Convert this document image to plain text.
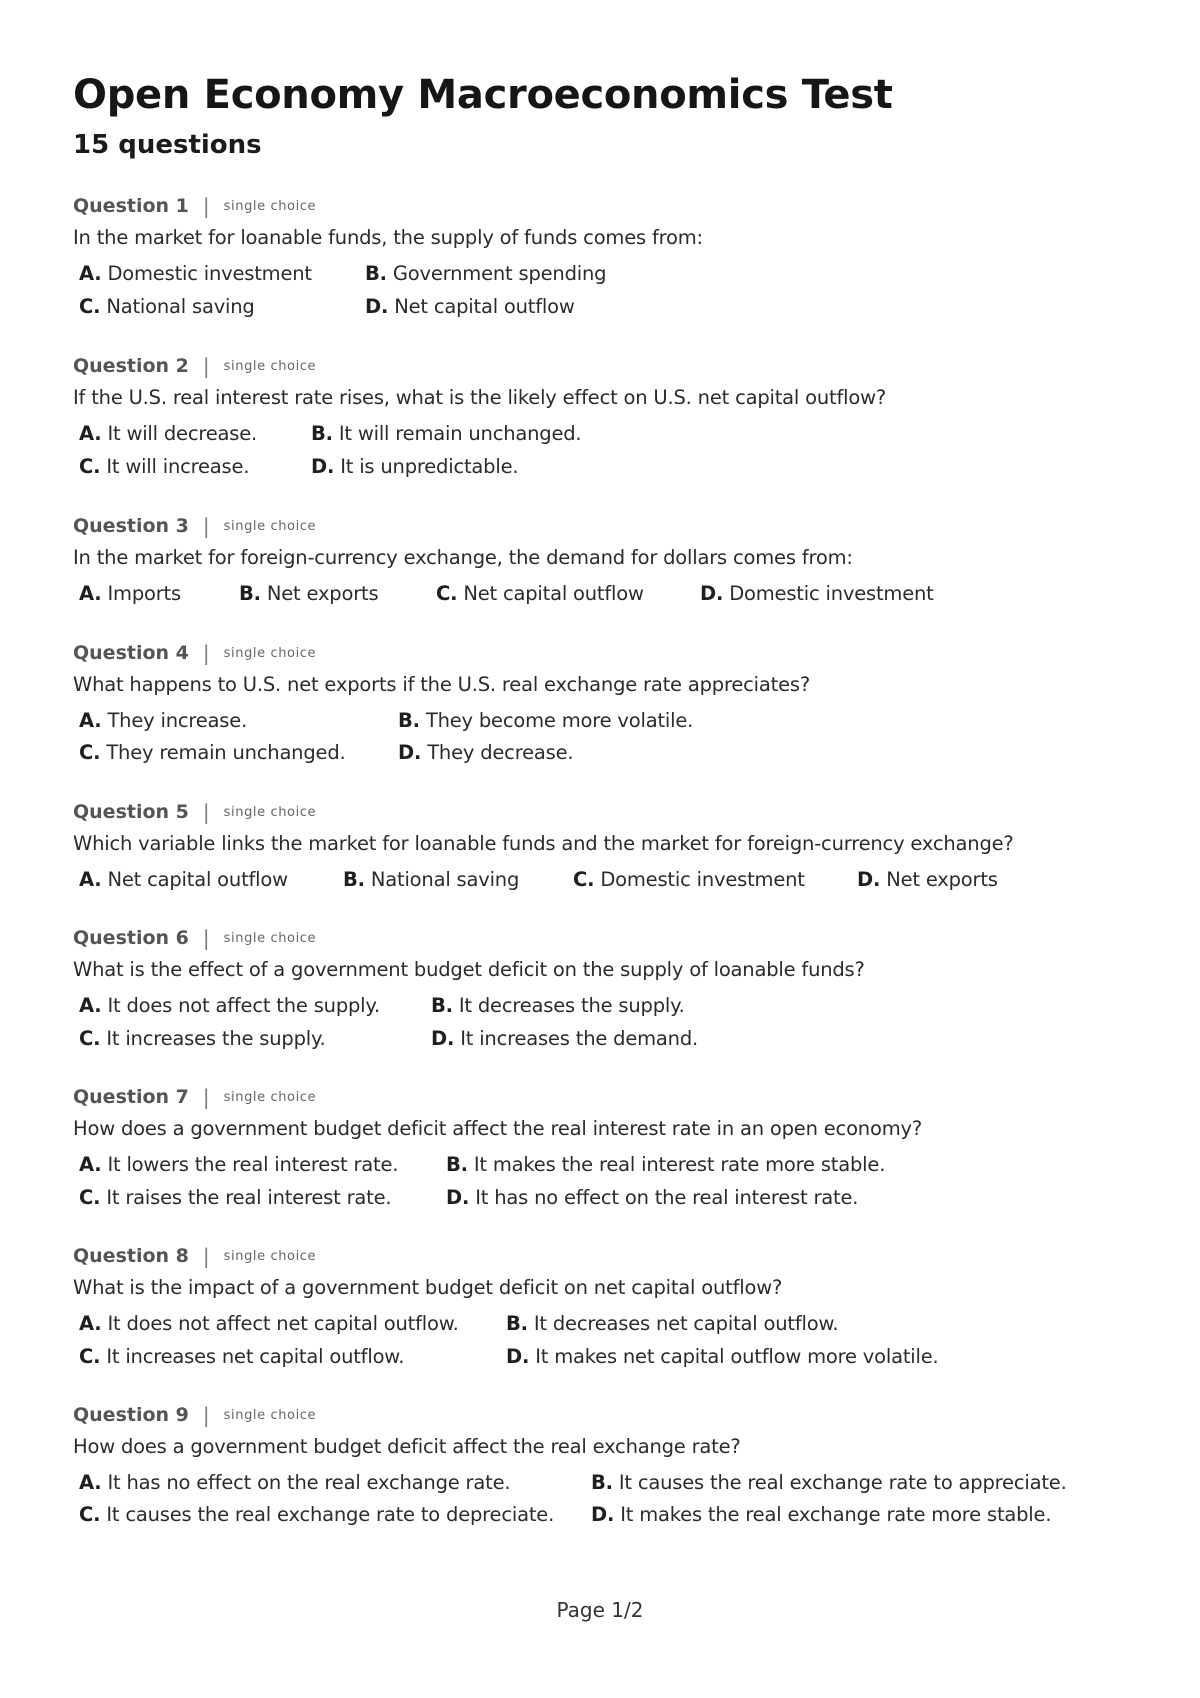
Open Economy Macroeconomics Test
15 questions
Question 1 | single choice
In the market for loanable funds, the supply of funds comes from:
A. Domestic investment	B. Government spending
C. National saving	D. Net capital outflow
Question 2 | single choice
If the U.S. real interest rate rises, what is the likely effect on U.S. net capital outflow?
A. It will decrease.	B. It will remain unchanged.
C. It will increase.	D. It is unpredictable.
Question 3 | single choice
In the market for foreign-currency exchange, the demand for dollars comes from:
A. Imports	B. Net exports	C. Net capital outflow	D. Domestic investment
Question 4 | single choice
What happens to U.S. net exports if the U.S. real exchange rate appreciates?
A. They increase.	B. They become more volatile.
C. They remain unchanged.	D. They decrease.
Question 5 | single choice
Which variable links the market for loanable funds and the market for foreign-currency exchange?
A. Net capital outflow	B. National saving	C. Domestic investment	D. Net exports
Question 6 | single choice
What is the effect of a government budget deficit on the supply of loanable funds?
A. It does not affect the supply.	B. It decreases the supply.
C. It increases the supply.	D. It increases the demand.
Question 7 | single choice
How does a government budget deficit affect the real interest rate in an open economy?
A. It lowers the real interest rate. B. It makes the real interest rate more stable.
C. It raises the real interest rate.	D. It has no effect on the real interest rate.
Question 8 | single choice
What is the impact of a government budget deficit on net capital outflow?
A. It does not affect net capital outflow. B. It decreases net capital outflow.
C. It increases net capital outflow.	D. It makes net capital outflow more volatile.
Question 9 | single choice
How does a government budget deficit affect the real exchange rate?
A. It has no effect on the real exchange rate.	B. It causes the real exchange rate to appreciate.
C. It causes the real exchange rate to depreciate. D. It makes the real exchange rate more stable.
Page 1/2
